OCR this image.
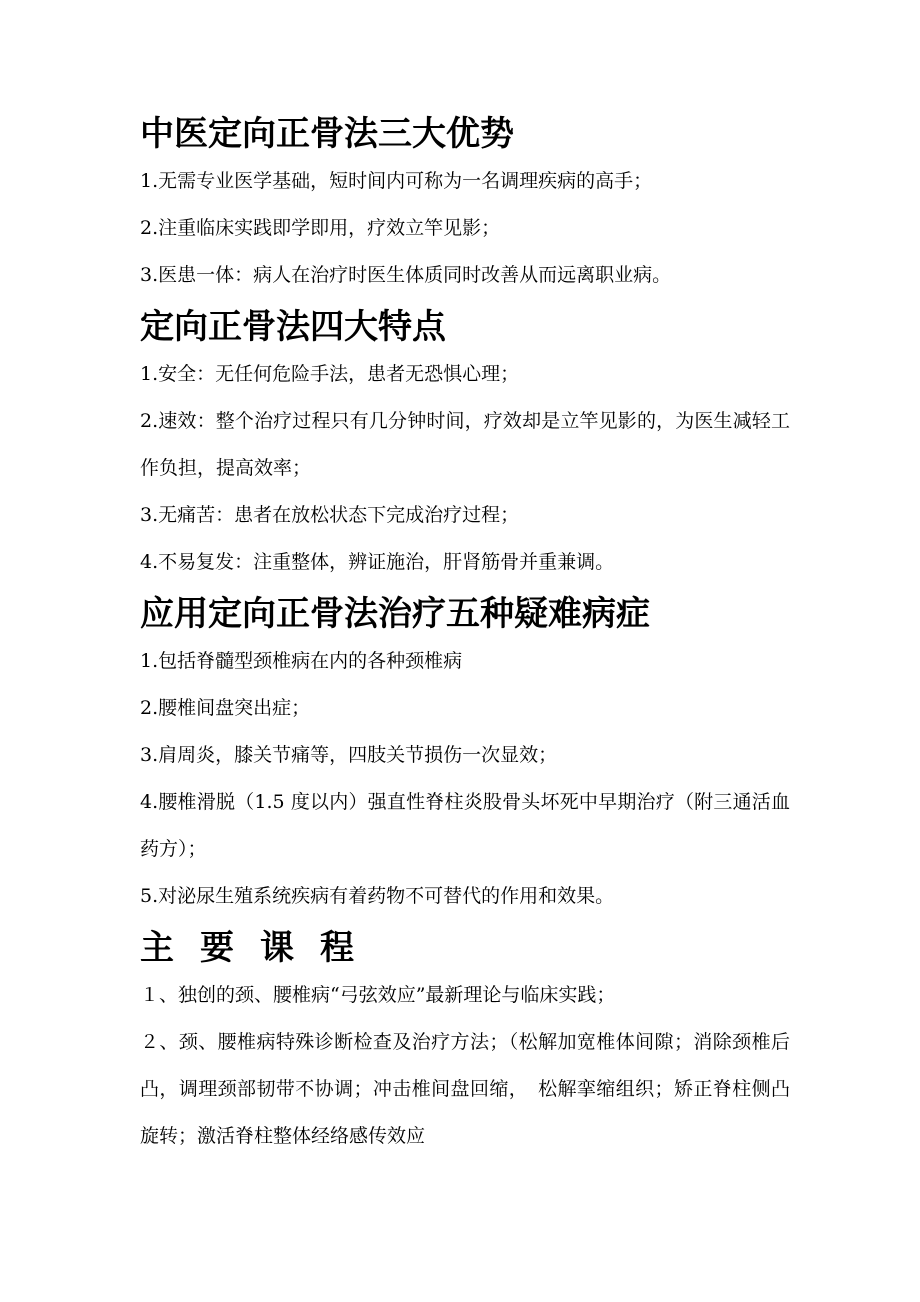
中医定向正骨法三大优势

1.无需专业医学基础，短时间内可称为一名调理疾病的高手；

2.注重临床实践即学即用，疗效立竿见影；

3.医患一体：病人在治疗时医生体质同时改善从而远离职业病。

定向正骨法四大特点

1.安全：无任何危险手法，患者无恐惧心理；

2.速效：整个治疗过程只有几分钟时间，疗效却是立竿见影的，为医生减轻工作负担，提高效率；

3.无痛苦：患者在放松状态下完成治疗过程；

4.不易复发：注重整体，辨证施治，肝肾筋骨并重兼调。

应用定向正骨法治疗五种疑难病症

1.包括脊髓型颈椎病在内的各种颈椎病

2.腰椎间盘突出症；

3.肩周炎，膝关节痛等，四肢关节损伤一次显效；

4.腰椎滑脱（1.5 度以内）强直性脊柱炎股骨头坏死中早期治疗（附三通活血药方）；

5.对泌尿生殖系统疾病有着药物不可替代的作用和效果。

主要课程

１、独创的颈、腰椎病“弓弦效应”最新理论与临床实践；

２、颈、腰椎病特殊诊断检查及治疗方法；（松解加宽椎体间隙；消除颈椎后凸，调理颈部韧带不协调；冲击椎间盘回缩，　松解挛缩组织；矫正脊柱侧凸旋转；激活脊柱整体经络感传效应
